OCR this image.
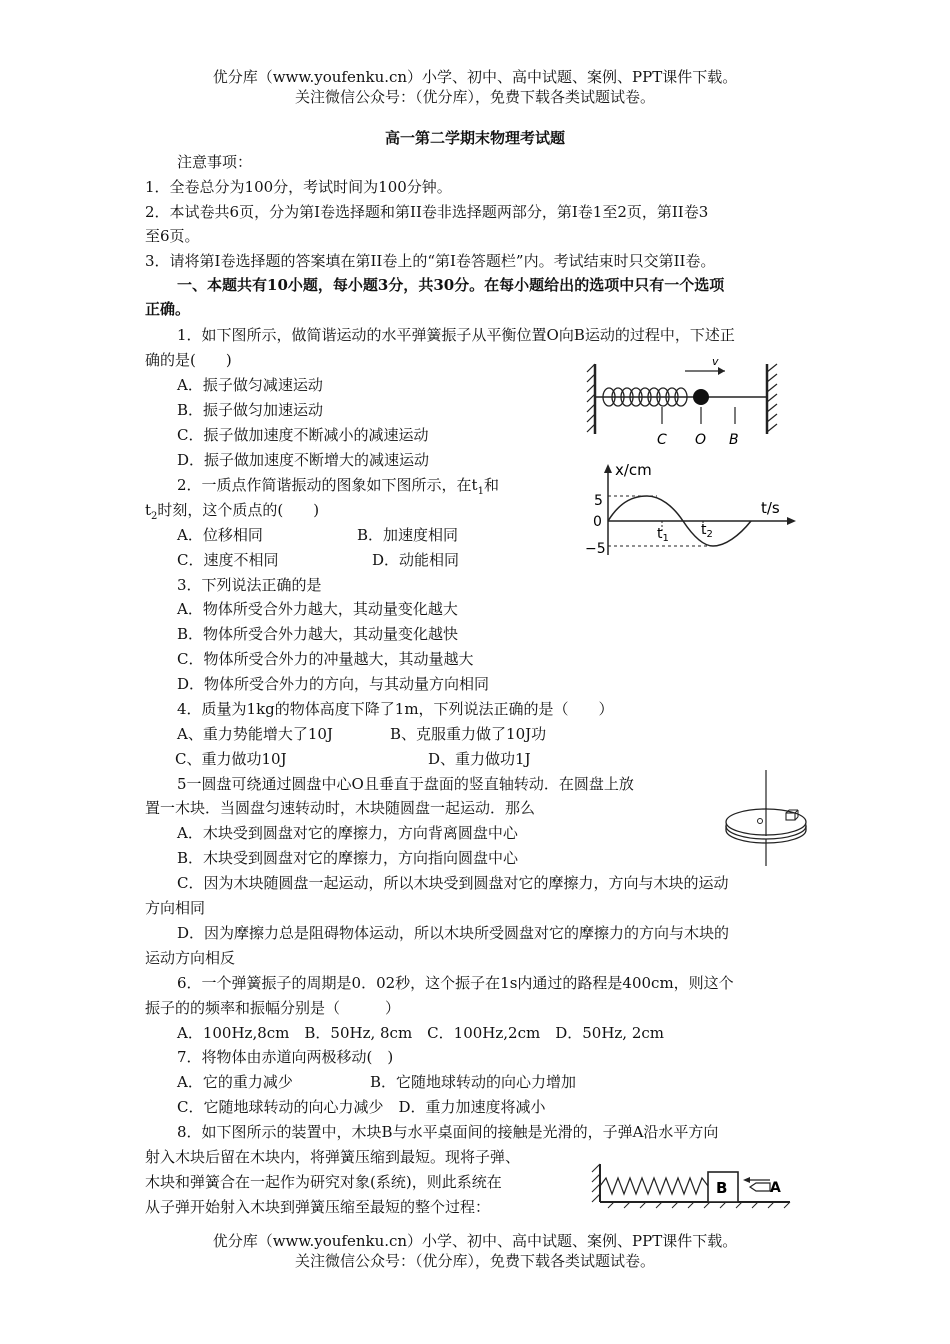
优分库（www.youfenku.cn）小学、初中、高中试题、案例、PPT课件下载。
关注微信公众号：（优分库），免费下载各类试题试卷。
高一第二学期末物理考试题
注意事项：
1．全卷总分为100分，考试时间为100分钟。
2．本试卷共6页，分为第I卷选择题和第II卷非选择题两部分，第I卷1至2页，第II卷3
至6页。
3．请将第I卷选择题的答案填在第II卷上的“第I卷答题栏”内。考试结束时只交第II卷。
一、本题共有10小题，每小题3分，共30分。在每小题给出的选项中只有一个选项
正确。
1．如下图所示，做简谐运动的水平弹簧振子从平衡位置O向B运动的过程中，下述正
确的是(　　)
A．振子做匀减速运动
B．振子做匀加速运动
C．振子做加速度不断减小的减速运动
D．振子做加速度不断增大的减速运动
v
C O B
2．一质点作简谐振动的图象如下图所示，在$t_1$和
$t_2$时刻，这个质点的(　　)
A．位移相同	B．加速度相同
C．速度不相同	D．动能相同
x/cm
t/s
5
0
−5
$t_1$
$t_2$
3．下列说法正确的是
A．物体所受合外力越大，其动量变化越大
B．物体所受合外力越大，其动量变化越快
C．物体所受合外力的冲量越大，其动量越大
D．物体所受合外力的方向，与其动量方向相同
4．质量为1kg的物体高度下降了1m，下列说法正确的是（　　）
A、重力势能增大了10J	B、克服重力做了10J功
C、重力做功10J	D、重力做功1J
5一圆盘可绕通过圆盘中心O且垂直于盘面的竖直轴转动．在圆盘上放
置一木块．当圆盘匀速转动时，木块随圆盘一起运动．那么
A．木块受到圆盘对它的摩擦力，方向背离圆盘中心
B．木块受到圆盘对它的摩擦力，方向指向圆盘中心
C．因为木块随圆盘一起运动，所以木块受到圆盘对它的摩擦力，方向与木块的运动
方向相同
D．因为摩擦力总是阻碍物体运动，所以木块所受圆盘对它的摩擦力的方向与木块的
运动方向相反
6．一个弹簧振子的周期是0．02秒，这个振子在1s内通过的路程是400cm，则这个
振子的的频率和振幅分别是（　　　）
A．100Hz,8cm　B．50Hz, 8cm　C．100Hz,2cm　D．50Hz, 2cm
7．将物体由赤道向两极移动(　)
A．它的重力减少	B．它随地球转动的向心力增加
C．它随地球转动的向心力减少　D．重力加速度将减小
8．如下图所示的装置中，木块B与水平桌面间的接触是光滑的，子弹A沿水平方向
射入木块后留在木块内，将弹簧压缩到最短。现将子弹、
木块和弹簧合在一起作为研究对象(系统)，则此系统在
从子弹开始射入木块到弹簧压缩至最短的整个过程：
B	A
优分库（www.youfenku.cn）小学、初中、高中试题、案例、PPT课件下载。
关注微信公众号：（优分库），免费下载各类试题试卷。
